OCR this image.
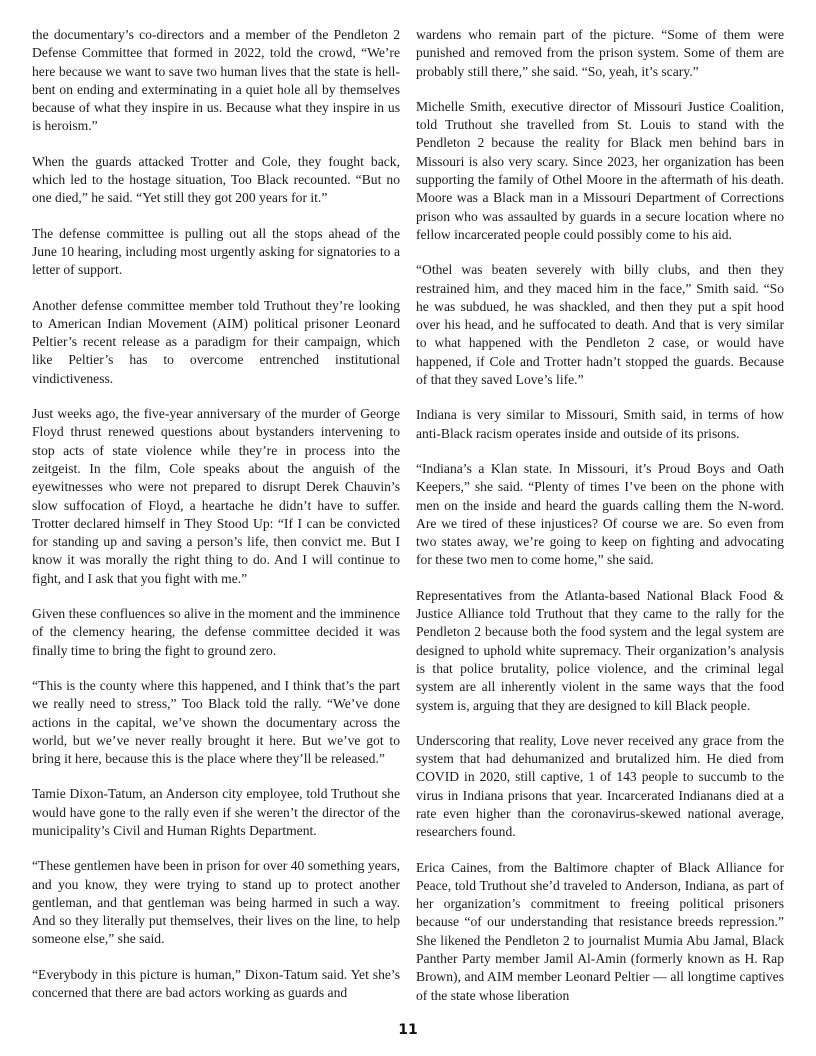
the documentary’s co-directors and a member of the Pendleton 2 Defense Committee that formed in 2022, told the crowd, “We’re here because we want to save two human lives that the state is hell-bent on ending and exterminating in a quiet hole all by themselves because of what they inspire in us. Because what they inspire in us is heroism.”

When the guards attacked Trotter and Cole, they fought back, which led to the hostage situation, Too Black recounted. “But no one died,” he said. “Yet still they got 200 years for it.”

The defense committee is pulling out all the stops ahead of the June 10 hearing, including most urgently asking for signatories to a letter of support.

Another defense committee member told Truthout they’re looking to American Indian Movement (AIM) political prisoner Leonard Peltier’s recent release as a paradigm for their campaign, which like Peltier’s has to overcome entrenched institutional vindictiveness.

Just weeks ago, the five-year anniversary of the murder of George Floyd thrust renewed questions about bystanders intervening to stop acts of state violence while they’re in process into the zeitgeist. In the film, Cole speaks about the anguish of the eyewitnesses who were not prepared to disrupt Derek Chauvin’s slow suffocation of Floyd, a heartache he didn’t have to suffer. Trotter declared himself in They Stood Up: “If I can be convicted for standing up and saving a person’s life, then convict me. But I know it was morally the right thing to do. And I will continue to fight, and I ask that you fight with me.”

Given these confluences so alive in the moment and the imminence of the clemency hearing, the defense committee decided it was finally time to bring the fight to ground zero.

“This is the county where this happened, and I think that’s the part we really need to stress,” Too Black told the rally. “We’ve done actions in the capital, we’ve shown the documentary across the world, but we’ve never really brought it here. But we’ve got to bring it here, because this is the place where they’ll be released.”

Tamie Dixon-Tatum, an Anderson city employee, told Truthout she would have gone to the rally even if she weren’t the director of the municipality’s Civil and Human Rights Department.

“These gentlemen have been in prison for over 40 something years, and you know, they were trying to stand up to protect another gentleman, and that gentleman was being harmed in such a way. And so they literally put themselves, their lives on the line, to help someone else,” she said.

“Everybody in this picture is human,” Dixon-Tatum said. Yet she’s concerned that there are bad actors working as guards and

wardens who remain part of the picture. “Some of them were punished and removed from the prison system. Some of them are probably still there,” she said. “So, yeah, it’s scary.”

Michelle Smith, executive director of Missouri Justice Coalition, told Truthout she travelled from St. Louis to stand with the Pendleton 2 because the reality for Black men behind bars in Missouri is also very scary. Since 2023, her organization has been supporting the family of Othel Moore in the aftermath of his death. Moore was a Black man in a Missouri Department of Corrections prison who was assaulted by guards in a secure location where no fellow incarcerated people could possibly come to his aid.

“Othel was beaten severely with billy clubs, and then they restrained him, and they maced him in the face,” Smith said. “So he was subdued, he was shackled, and then they put a spit hood over his head, and he suffocated to death. And that is very similar to what happened with the Pendleton 2 case, or would have happened, if Cole and Trotter hadn’t stopped the guards. Because of that they saved Love’s life.”

Indiana is very similar to Missouri, Smith said, in terms of how anti-Black racism operates inside and outside of its prisons.

“Indiana’s a Klan state. In Missouri, it’s Proud Boys and Oath Keepers,” she said. “Plenty of times I’ve been on the phone with men on the inside and heard the guards calling them the N-word. Are we tired of these injustices? Of course we are. So even from two states away, we’re going to keep on fighting and advocating for these two men to come home,” she said.

Representatives from the Atlanta-based National Black Food & Justice Alliance told Truthout that they came to the rally for the Pendleton 2 because both the food system and the legal system are designed to uphold white supremacy. Their organization’s analysis is that police brutality, police violence, and the criminal legal system are all inherently violent in the same ways that the food system is, arguing that they are designed to kill Black people.

Underscoring that reality, Love never received any grace from the system that had dehumanized and brutalized him. He died from COVID in 2020, still captive, 1 of 143 people to succumb to the virus in Indiana prisons that year. Incarcerated Indianans died at a rate even higher than the coronavirus-skewed national average, researchers found.

Erica Caines, from the Baltimore chapter of Black Alliance for Peace, told Truthout she’d traveled to Anderson, Indiana, as part of her organization’s commitment to freeing political prisoners because “of our understanding that resistance breeds repression.” She likened the Pendleton 2 to journalist Mumia Abu Jamal, Black Panther Party member Jamil Al-Amin (formerly known as H. Rap Brown), and AIM member Leonard Peltier — all longtime captives of the state whose liberation

11
